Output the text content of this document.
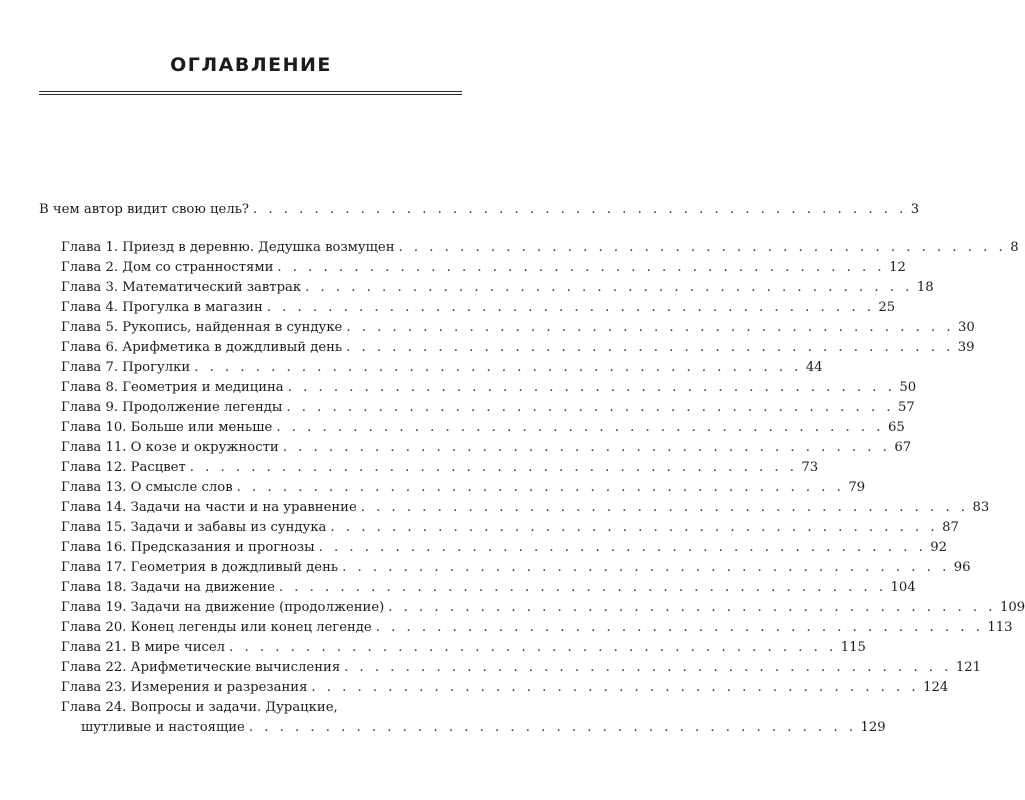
ОГЛАВЛЕНИЕ
В чем автор видит свою цель? . . . . . . . . . . . . . . . . . . . . . . . . . . . . . . . . . . . . . . . . . . . 3
Глава 1. Приезд в деревню. Дедушка возмущен . . . . . . . . . . . . . . . . . . . . . . . . . . . . . . . . . . . . . . . . 8
Глава 2. Дом со странностями . . . . . . . . . . . . . . . . . . . . . . . . . . . . . . . . . . . . . . . . 12
Глава 3. Математический завтрак . . . . . . . . . . . . . . . . . . . . . . . . . . . . . . . . . . . . . . . . 18
Глава 4. Прогулка в магазин . . . . . . . . . . . . . . . . . . . . . . . . . . . . . . . . . . . . . . . . 25
Глава 5. Рукопись, найденная в сундуке . . . . . . . . . . . . . . . . . . . . . . . . . . . . . . . . . . . . . . . . 30
Глава 6. Арифметика в дождливый день . . . . . . . . . . . . . . . . . . . . . . . . . . . . . . . . . . . . . . . . 39
Глава 7. Прогулки . . . . . . . . . . . . . . . . . . . . . . . . . . . . . . . . . . . . . . . . 44
Глава 8. Геометрия и медицина . . . . . . . . . . . . . . . . . . . . . . . . . . . . . . . . . . . . . . . . 50
Глава 9. Продолжение легенды . . . . . . . . . . . . . . . . . . . . . . . . . . . . . . . . . . . . . . . . 57
Глава 10. Больше или меньше . . . . . . . . . . . . . . . . . . . . . . . . . . . . . . . . . . . . . . . . 65
Глава 11. О козе и окружности . . . . . . . . . . . . . . . . . . . . . . . . . . . . . . . . . . . . . . . . 67
Глава 12. Расцвет . . . . . . . . . . . . . . . . . . . . . . . . . . . . . . . . . . . . . . . . 73
Глава 13. О смысле слов . . . . . . . . . . . . . . . . . . . . . . . . . . . . . . . . . . . . . . . . 79
Глава 14. Задачи на части и на уравнение . . . . . . . . . . . . . . . . . . . . . . . . . . . . . . . . . . . . . . . . 83
Глава 15. Задачи и забавы из сундука . . . . . . . . . . . . . . . . . . . . . . . . . . . . . . . . . . . . . . . . 87
Глава 16. Предсказания и прогнозы . . . . . . . . . . . . . . . . . . . . . . . . . . . . . . . . . . . . . . . . 92
Глава 17. Геометрия в дождливый день . . . . . . . . . . . . . . . . . . . . . . . . . . . . . . . . . . . . . . . . 96
Глава 18. Задачи на движение . . . . . . . . . . . . . . . . . . . . . . . . . . . . . . . . . . . . . . . . 104
Глава 19. Задачи на движение (продолжение) . . . . . . . . . . . . . . . . . . . . . . . . . . . . . . . . . . . . . . . . 109
Глава 20. Конец легенды или конец легенде . . . . . . . . . . . . . . . . . . . . . . . . . . . . . . . . . . . . . . . . 113
Глава 21. В мире чисел . . . . . . . . . . . . . . . . . . . . . . . . . . . . . . . . . . . . . . . . 115
Глава 22. Арифметические вычисления . . . . . . . . . . . . . . . . . . . . . . . . . . . . . . . . . . . . . . . . 121
Глава 23. Измерения и разрезания . . . . . . . . . . . . . . . . . . . . . . . . . . . . . . . . . . . . . . . . 124
Глава 24. Вопросы и задачи. Дурацкие,
шутливые и настоящие . . . . . . . . . . . . . . . . . . . . . . . . . . . . . . . . . . . . . . . . 129
